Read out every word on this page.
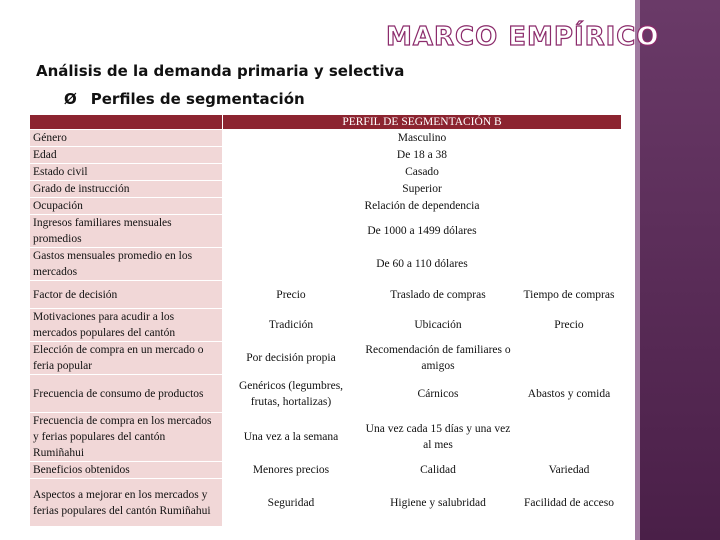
MARCO EMPÍRICO
Análisis de la demanda primaria y selectiva
Ø Perfiles de segmentación
	PERFIL DE SEGMENTACIÓN B		
Género	Masculino		
Edad	De 18 a 38		
Estado civil	Casado		
Grado de instrucción	Superior		
Ocupación	Relación de dependencia		
Ingresos familiares mensuales promedios	De 1000 a 1499 dólares		
Gastos mensuales promedio en los mercados	De 60 a 110 dólares		
Factor de decisión	Precio	Traslado de compras	Tiempo de compras
Motivaciones para acudir a los mercados populares del cantón	Tradición	Ubicación	Precio
Elección de compra en un mercado o feria popular	Por decisión propia	Recomendación de familiares o amigos	
Frecuencia de consumo de productos	Genéricos (legumbres, frutas, hortalizas)	Cárnicos	Abastos y comida
Frecuencia de compra en los mercados y ferias populares del cantón Rumiñahui	Una vez a la semana	Una vez cada 15 días y una vez al mes	
Beneficios obtenidos	Menores precios	Calidad	Variedad
Aspectos a mejorar en los mercados y ferias populares del cantón Rumiñahui	Seguridad	Higiene y salubridad	Facilidad de acceso
